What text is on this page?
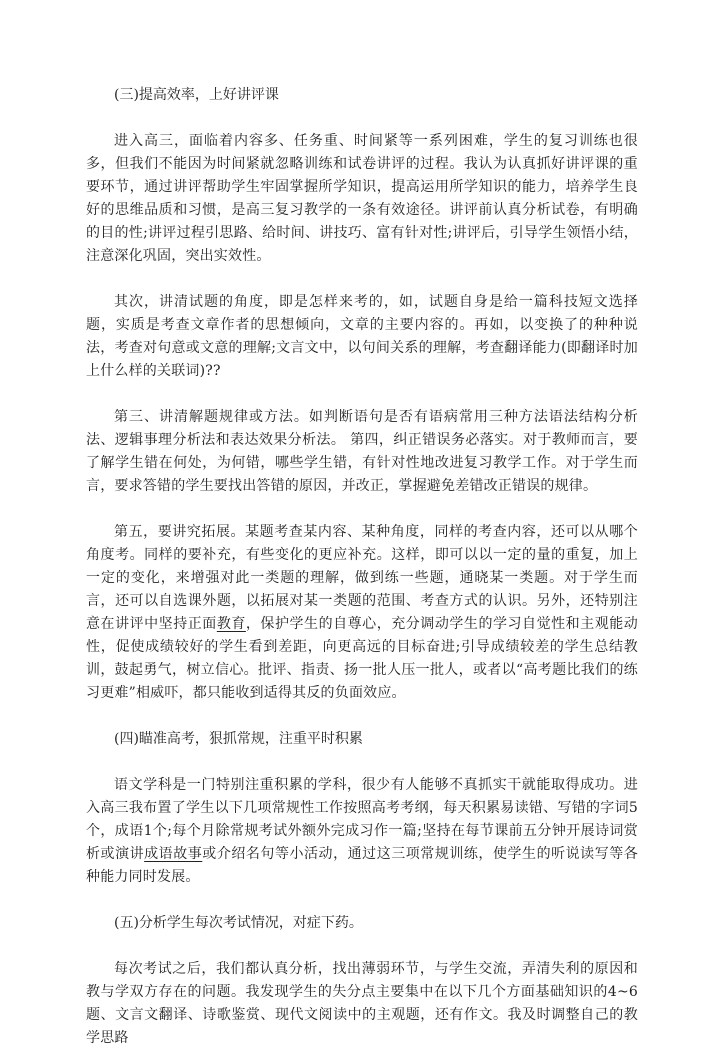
(三)提高效率，上好讲评课

进入高三，面临着内容多、任务重、时间紧等一系列困难，学生的复习训练也很多，但我们不能因为时间紧就忽略训练和试卷讲评的过程。我认为认真抓好讲评课的重要环节，通过讲评帮助学生牢固掌握所学知识，提高运用所学知识的能力，培养学生良好的思维品质和习惯，是高三复习教学的一条有效途径。讲评前认真分析试卷，有明确的目的性;讲评过程引思路、给时间、讲技巧、富有针对性;讲评后，引导学生领悟小结，注意深化巩固，突出实效性。

其次，讲清试题的角度，即是怎样来考的，如，试题自身是给一篇科技短文选择题，实质是考查文章作者的思想倾向，文章的主要内容的。再如，以变换了的种种说法，考查对句意或文意的理解;文言文中，以句间关系的理解，考查翻译能力(即翻译时加上什么样的关联词)??

第三、讲清解题规律或方法。如判断语句是否有语病常用三种方法语法结构分析法、逻辑事理分析法和表达效果分析法。 第四，纠正错误务必落实。对于教师而言，要了解学生错在何处，为何错，哪些学生错，有针对性地改进复习教学工作。对于学生而言，要求答错的学生要找出答错的原因，并改正，掌握避免差错改正错误的规律。

第五，要讲究拓展。某题考查某内容、某种角度，同样的考查内容，还可以从哪个角度考。同样的要补充，有些变化的更应补充。这样，即可以以一定的量的重复，加上一定的变化，来增强对此一类题的理解，做到练一些题，通晓某一类题。对于学生而言，还可以自选课外题，以拓展对某一类题的范围、考查方式的认识。另外，还特别注意在讲评中坚持正面教育，保护学生的自尊心，充分调动学生的学习自觉性和主观能动性，促使成绩较好的学生看到差距，向更高远的目标奋进;引导成绩较差的学生总结教训，鼓起勇气，树立信心。批评、指责、扬一批人压一批人，或者以“高考题比我们的练习更难”相威吓，都只能收到适得其反的负面效应。

(四)瞄准高考，狠抓常规，注重平时积累

语文学科是一门特别注重积累的学科，很少有人能够不真抓实干就能取得成功。进入高三我布置了学生以下几项常规性工作按照高考考纲，每天积累易读错、写错的字词5个，成语1个;每个月除常规考试外额外完成习作一篇;坚持在每节课前五分钟开展诗词赏析或演讲成语故事或介绍名句等小活动，通过这三项常规训练，使学生的听说读写等各种能力同时发展。

(五)分析学生每次考试情况，对症下药。

每次考试之后，我们都认真分析，找出薄弱环节，与学生交流，弄清失利的原因和教与学双方存在的问题。我发现学生的失分点主要集中在以下几个方面基础知识的4~6题、文言文翻译、诗歌鉴赏、现代文阅读中的主观题，还有作文。我及时调整自己的教学思路
